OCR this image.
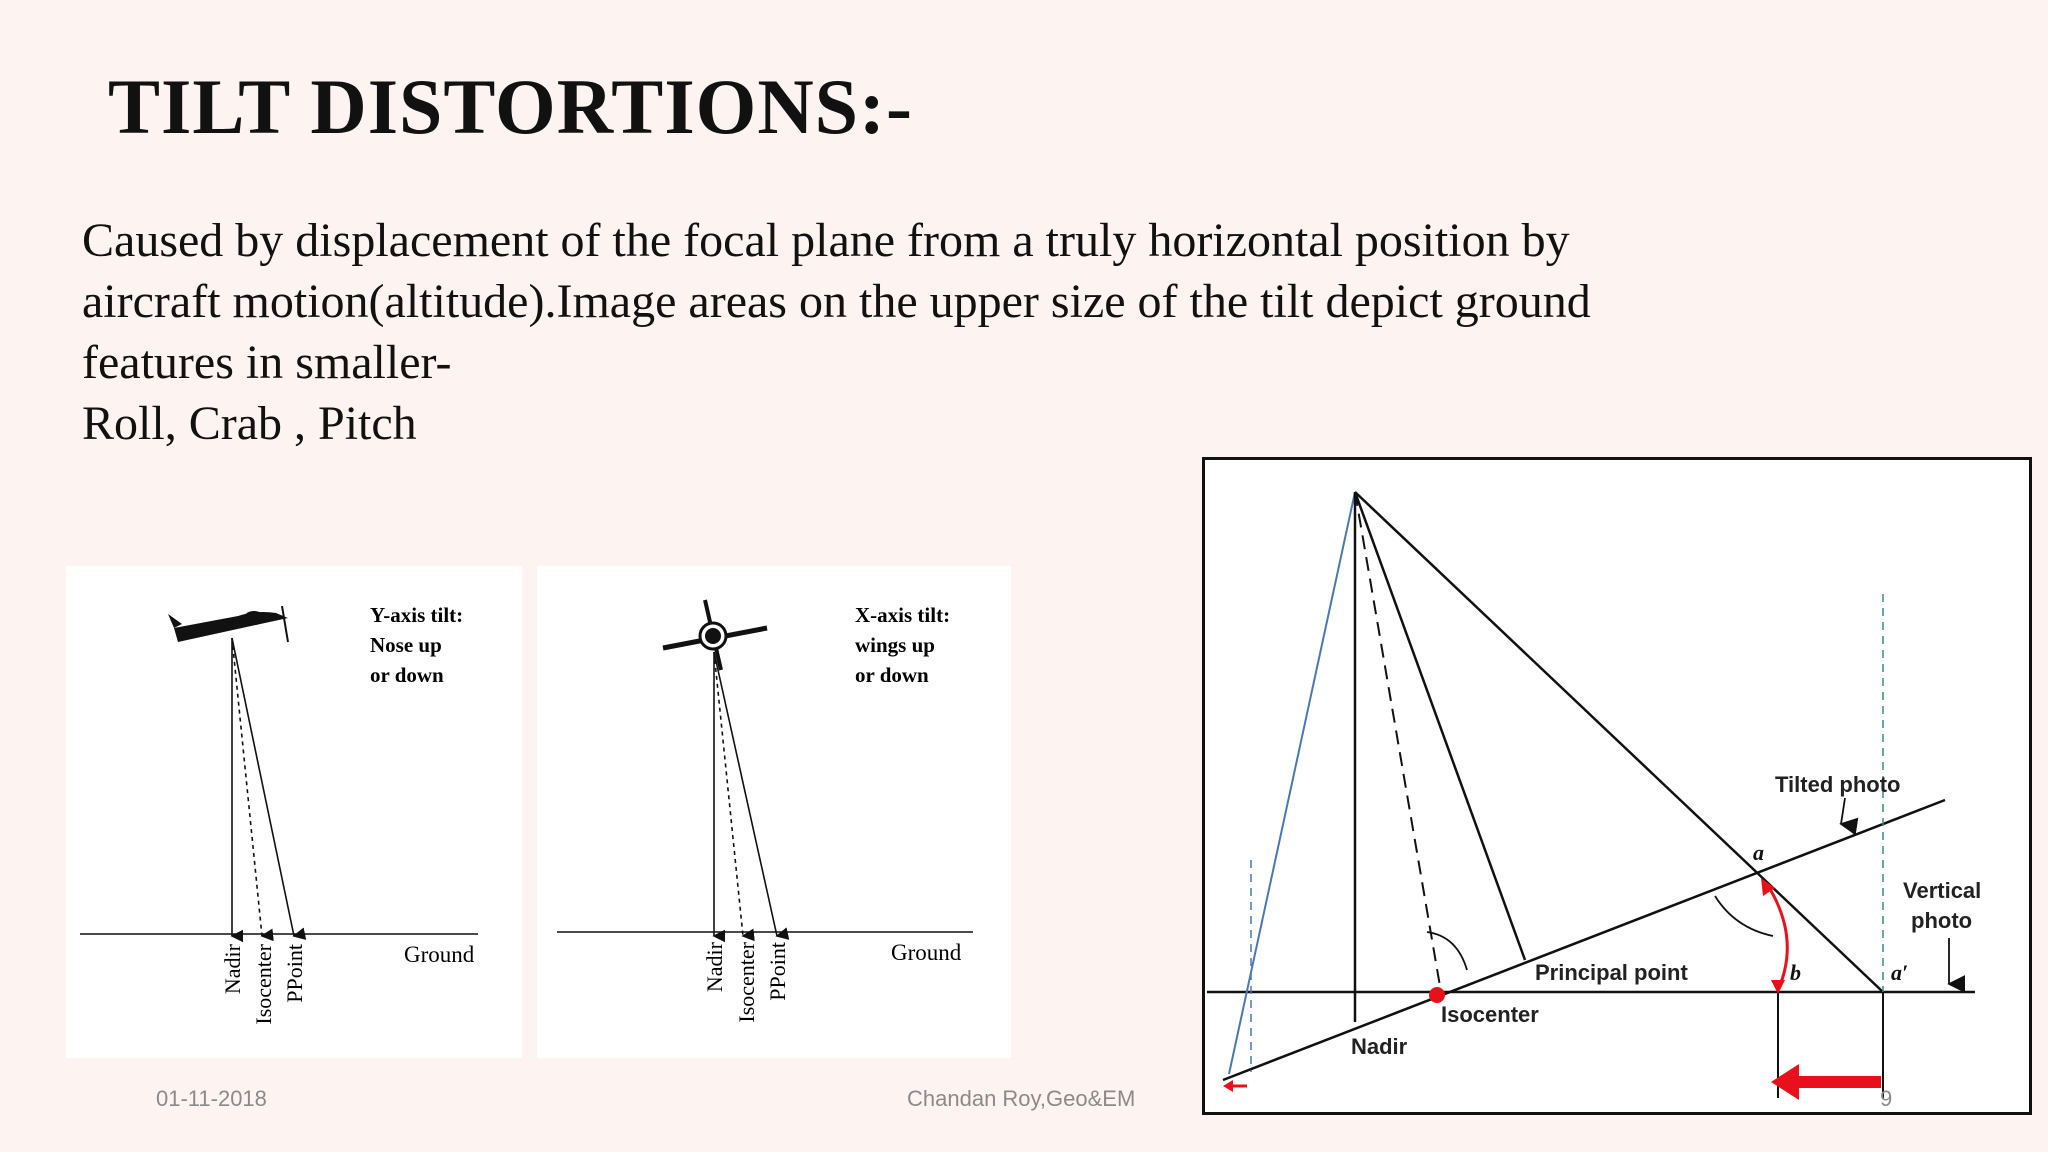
TILT DISTORTIONS:-
Caused by displacement of the focal plane from a truly horizontal position by
aircraft motion(altitude).Image areas on the upper size of the tilt depict ground
features in smaller-
Roll, Crab , Pitch
Ground
Y-axis tilt:
Nose up
or down
Nadir Isocenter PPoint	Ground
X-axis tilt:
wings up
or down
Nadir Isocenter PPoint
Tilted photo
Vertical
photo
Principal point
Isocenter
Nadir
a
b	a′
01-11-2018	Chandan Roy,Geo&EM	9
